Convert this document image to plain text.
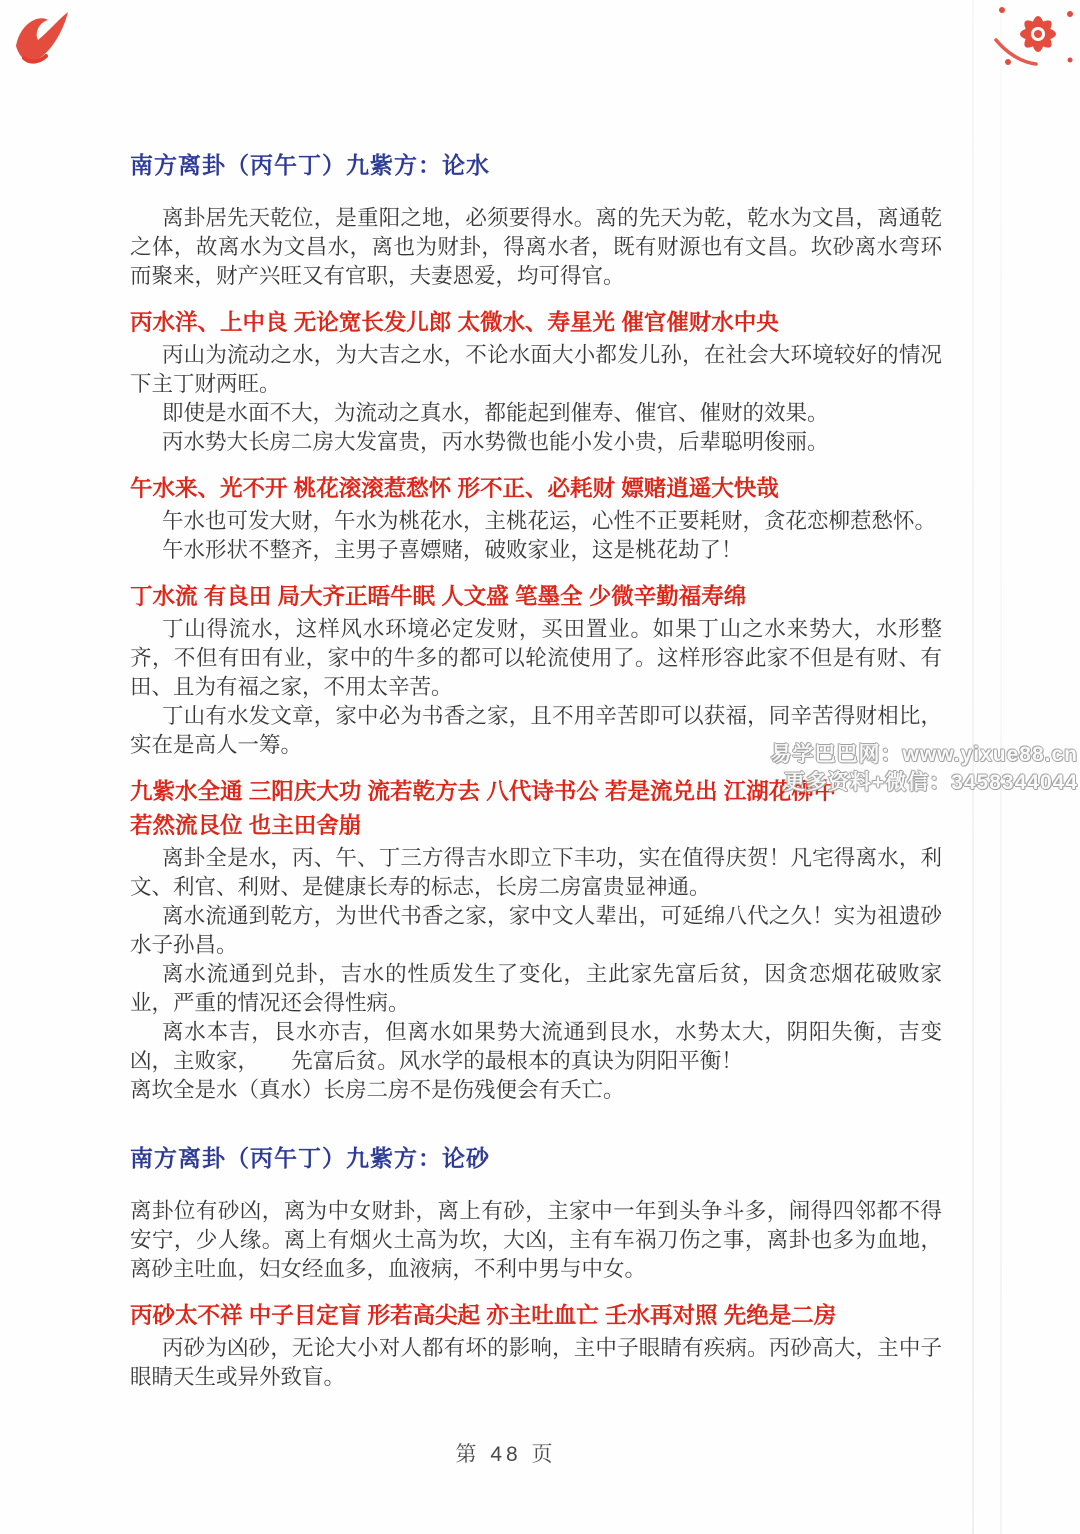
南方离卦（丙午丁）九紫方：论水

离卦居先天乾位，是重阳之地，必须要得水。离的先天为乾，乾水为文昌，离通乾之体，故离水为文昌水，离也为财卦，得离水者，既有财源也有文昌。坎砂离水弯环而聚来，财产兴旺又有官职，夫妻恩爱，均可得官。

丙水洋、上中良 无论宽长发儿郎 太微水、寿星光 催官催财水中央

丙山为流动之水，为大吉之水，不论水面大小都发儿孙，在社会大环境较好的情况下主丁财两旺。

即使是水面不大，为流动之真水，都能起到催寿、催官、催财的效果。

丙水势大长房二房大发富贵，丙水势微也能小发小贵，后辈聪明俊丽。

午水来、光不开 桃花滚滚惹愁怀 形不正、必耗财 嫖赌逍遥大快哉

午水也可发大财，午水为桃花水，主桃花运，心性不正要耗财，贪花恋柳惹愁怀。

午水形状不整齐，主男子喜嫖赌，破败家业，这是桃花劫了！

丁水流 有良田 局大齐正晤牛眠 人文盛 笔墨全 少微辛勤福寿绵

丁山得流水，这样风水环境必定发财，买田置业。如果丁山之水来势大，水形整齐，不但有田有业，家中的牛多的都可以轮流使用了。这样形容此家不但是有财、有田、且为有福之家，不用太辛苦。

丁山有水发文章，家中必为书香之家，且不用辛苦即可以获福，同辛苦得财相比，实在是高人一筹。

九紫水全通 三阳庆大功 流若乾方去 八代诗书公 若是流兑出 江湖花柳中
若然流艮位 也主田舍崩

离卦全是水，丙、午、丁三方得吉水即立下丰功，实在值得庆贺！凡宅得离水，利文、利官、利财、是健康长寿的标志，长房二房富贵显神通。

离水流通到乾方，为世代书香之家，家中文人辈出，可延绵八代之久！实为祖遗砂水子孙昌。

离水流通到兑卦，吉水的性质发生了变化，主此家先富后贫，因贪恋烟花破败家业，严重的情况还会得性病。

离水本吉，艮水亦吉，但离水如果势大流通到艮水，水势太大，阴阳失衡，吉变凶，主败家，　　先富后贫。风水学的最根本的真诀为阴阳平衡！

离坎全是水（真水）长房二房不是伤残便会有夭亡。

南方离卦（丙午丁）九紫方：论砂

离卦位有砂凶，离为中女财卦，离上有砂，主家中一年到头争斗多，闹得四邻都不得安宁，少人缘。离上有烟火土高为坎，大凶，主有车祸刀伤之事，离卦也多为血地，离砂主吐血，妇女经血多，血液病，不利中男与中女。

丙砂太不祥 中子目定盲 形若高尖起 亦主吐血亡 壬水再对照 先绝是二房

丙砂为凶砂，无论大小对人都有坏的影响，主中子眼睛有疾病。丙砂高大，主中子眼睛天生或异外致盲。

易学巴巴网：www.yixue88.cn
更多资料+微信：3458344044
第 48 页
